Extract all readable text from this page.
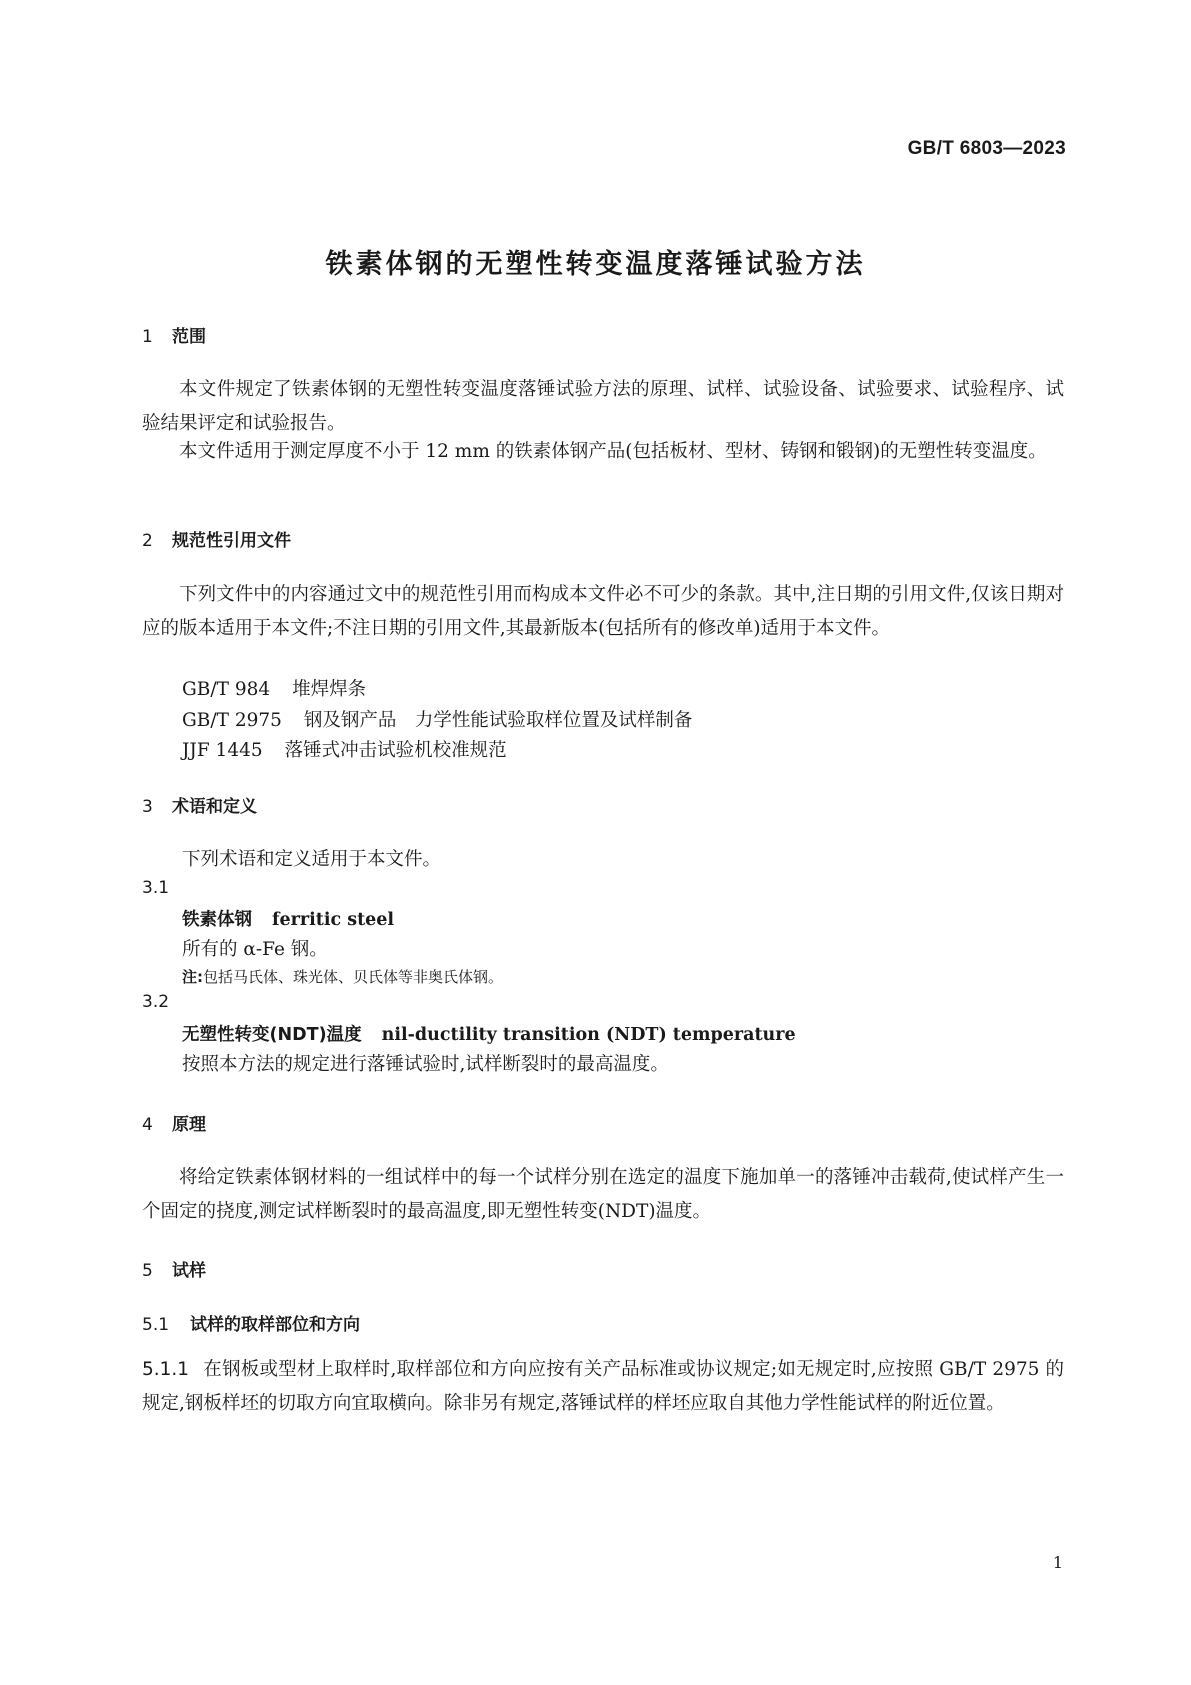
GB/T 6803—2023
铁素体钢的无塑性转变温度落锤试验方法
1 范围
本文件规定了铁素体钢的无塑性转变温度落锤试验方法的原理、试样、试验设备、试验要求、试验程序、试验结果评定和试验报告。
本文件适用于测定厚度不小于 12 mm 的铁素体钢产品(包括板材、型材、铸钢和锻钢)的无塑性转变温度。
2 规范性引用文件
下列文件中的内容通过文中的规范性引用而构成本文件必不可少的条款。其中,注日期的引用文件,仅该日期对应的版本适用于本文件;不注日期的引用文件,其最新版本(包括所有的修改单)适用于本文件。
GB/T 984 堆焊焊条
GB/T 2975 钢及钢产品　力学性能试验取样位置及试样制备
JJF 1445 落锤式冲击试验机校准规范
3 术语和定义
下列术语和定义适用于本文件。
3.1
铁素体钢 ferritic steel
所有的 α-Fe 钢。
注:包括马氏体、珠光体、贝氏体等非奥氏体钢。
3.2
无塑性转变(NDT)温度 nil-ductility transition (NDT) temperature
按照本方法的规定进行落锤试验时,试样断裂时的最高温度。
4 原理
将给定铁素体钢材料的一组试样中的每一个试样分别在选定的温度下施加单一的落锤冲击载荷,使试样产生一个固定的挠度,测定试样断裂时的最高温度,即无塑性转变(NDT)温度。
5 试样
5.1 试样的取样部位和方向
5.1.1 在钢板或型材上取样时,取样部位和方向应按有关产品标准或协议规定;如无规定时,应按照 GB/T 2975 的规定,钢板样坯的切取方向宜取横向。除非另有规定,落锤试样的样坯应取自其他力学性能试样的附近位置。
1
